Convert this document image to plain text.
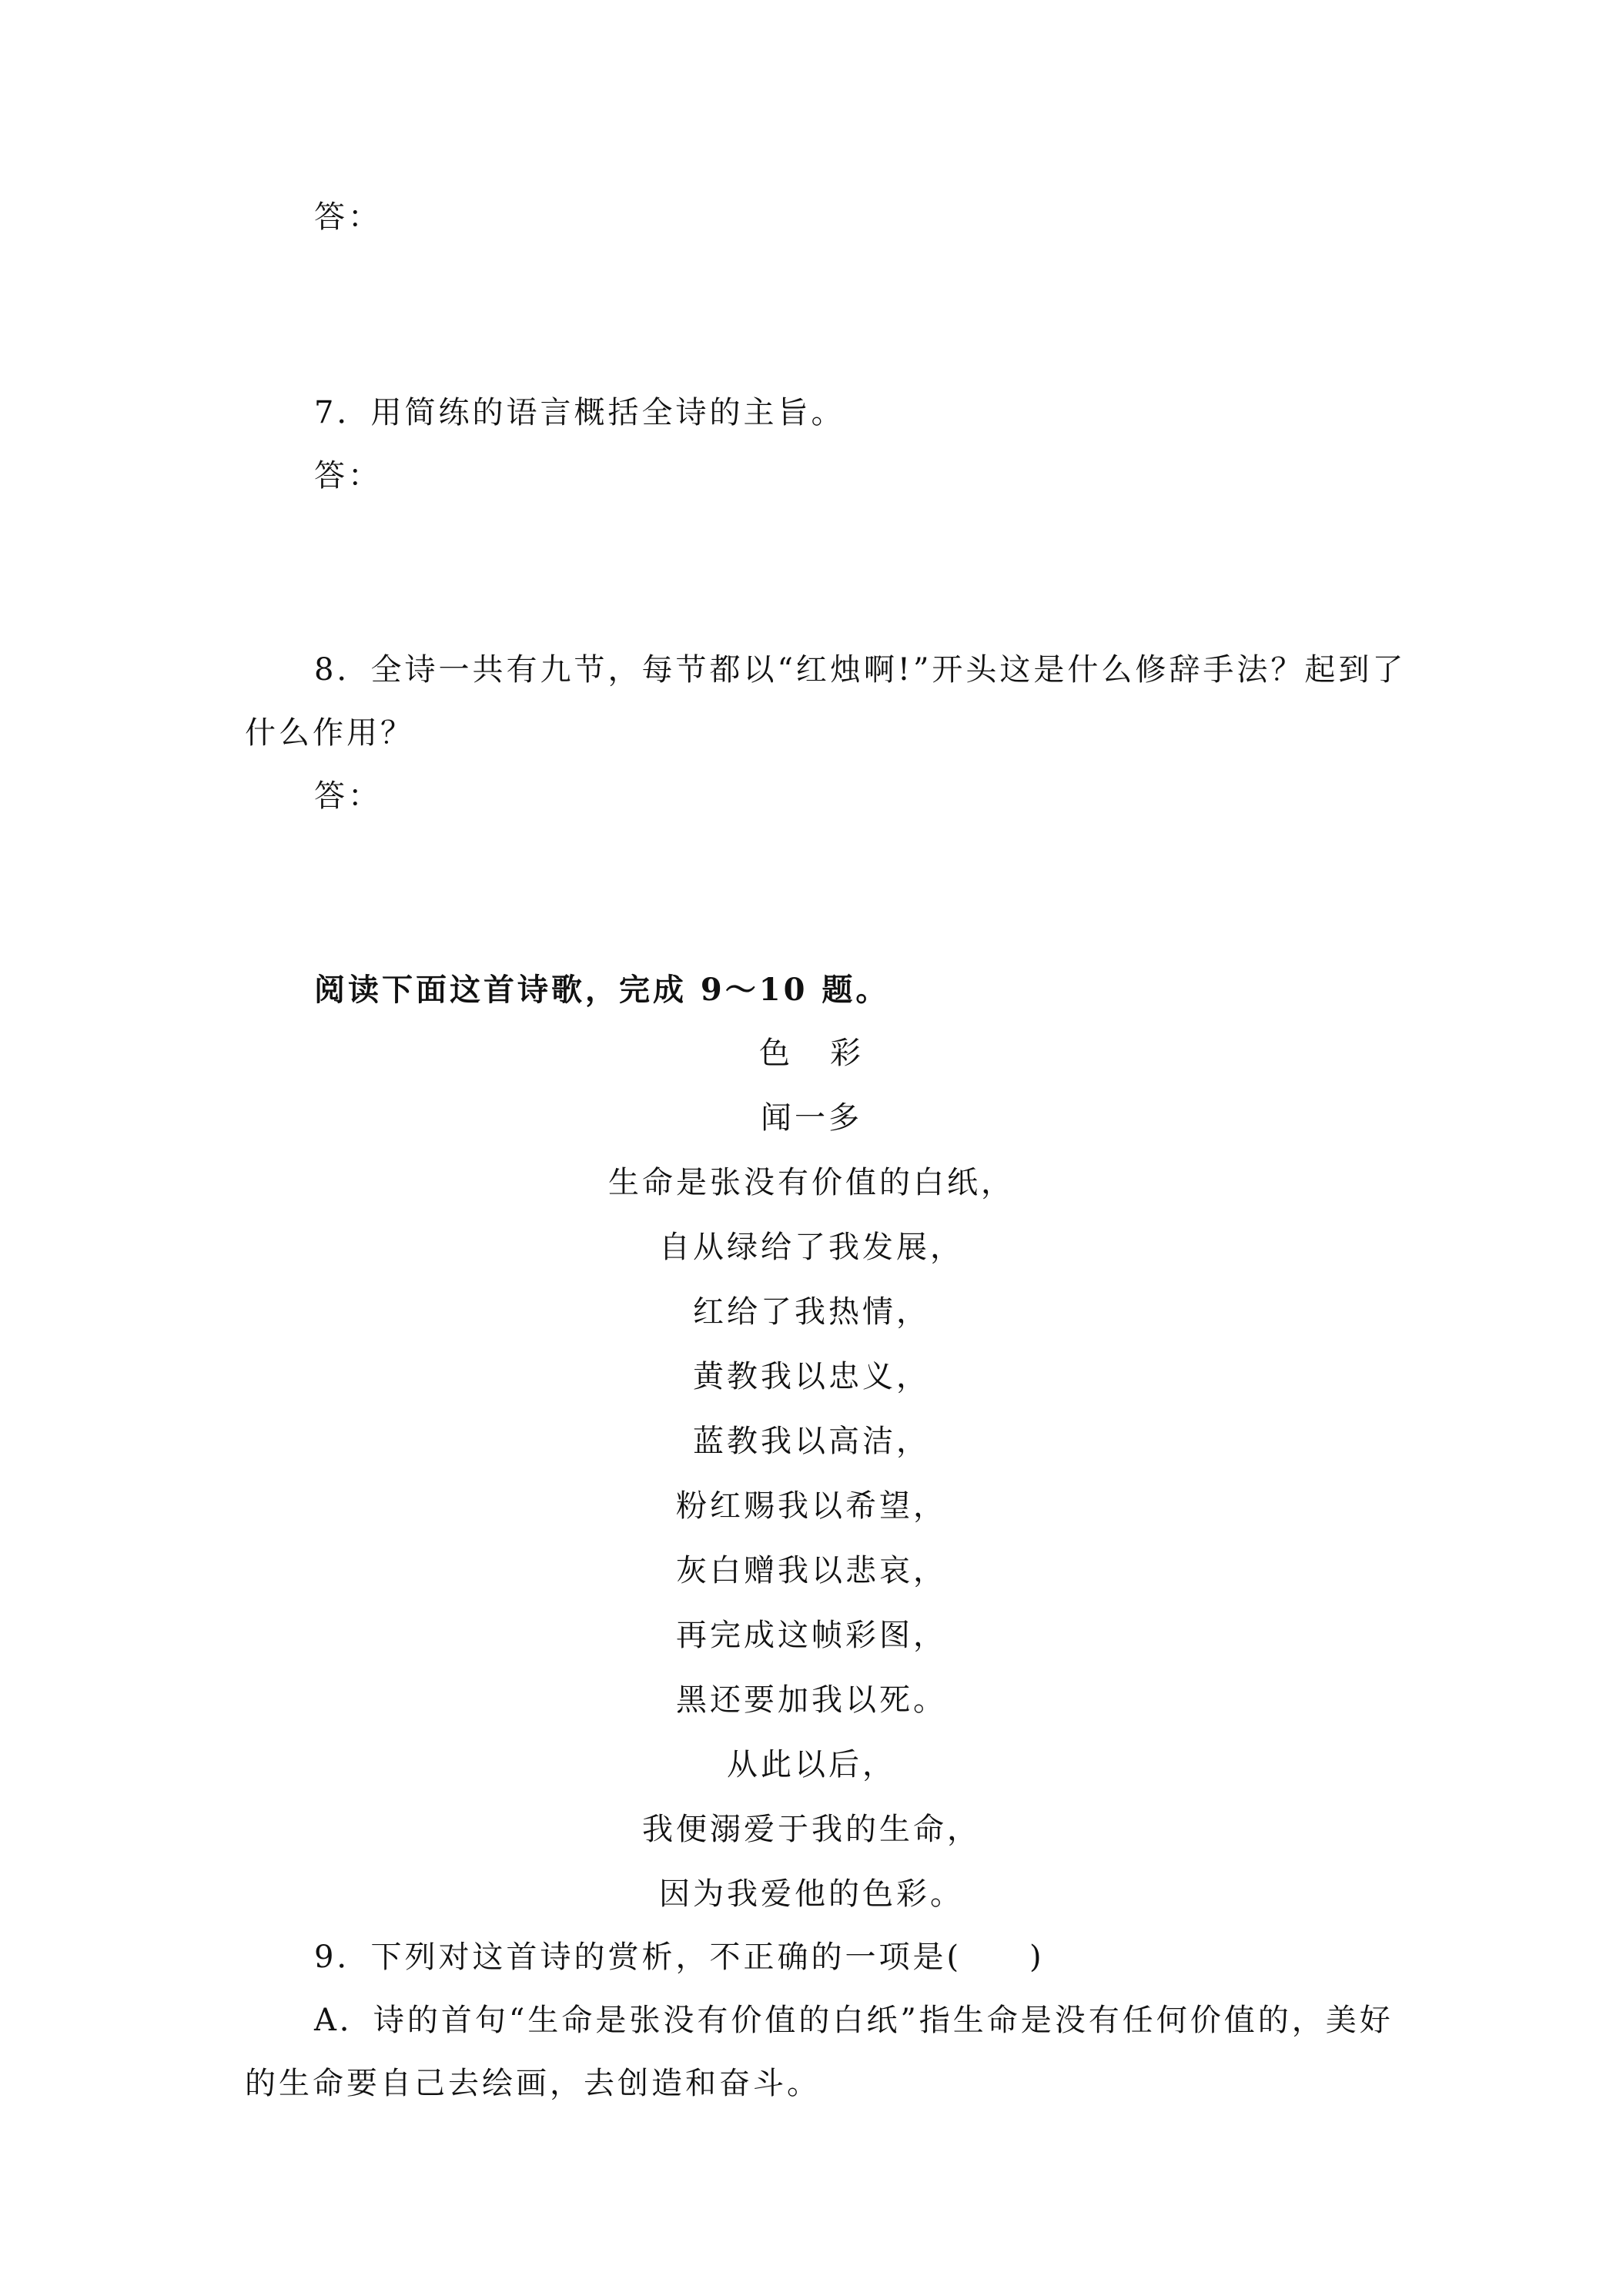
答：
7．用简练的语言概括全诗的主旨。
答：
8．全诗一共有九节，每节都以“红烛啊!”开头这是什么修辞手法？起到了
什么作用？
答：
阅读下面这首诗歌，完成 9～10 题。
色 彩
闻一多
生命是张没有价值的白纸，
自从绿给了我发展，
红给了我热情，
黄教我以忠义，
蓝教我以高洁，
粉红赐我以希望，
灰白赠我以悲哀，
再完成这帧彩图，
黑还要加我以死。
从此以后，
我便溺爱于我的生命，
因为我爱他的色彩。
9．下列对这首诗的赏析，不正确的一项是(　　)
A．诗的首句“生命是张没有价值的白纸”指生命是没有任何价值的，美好
的生命要自己去绘画，去创造和奋斗。
